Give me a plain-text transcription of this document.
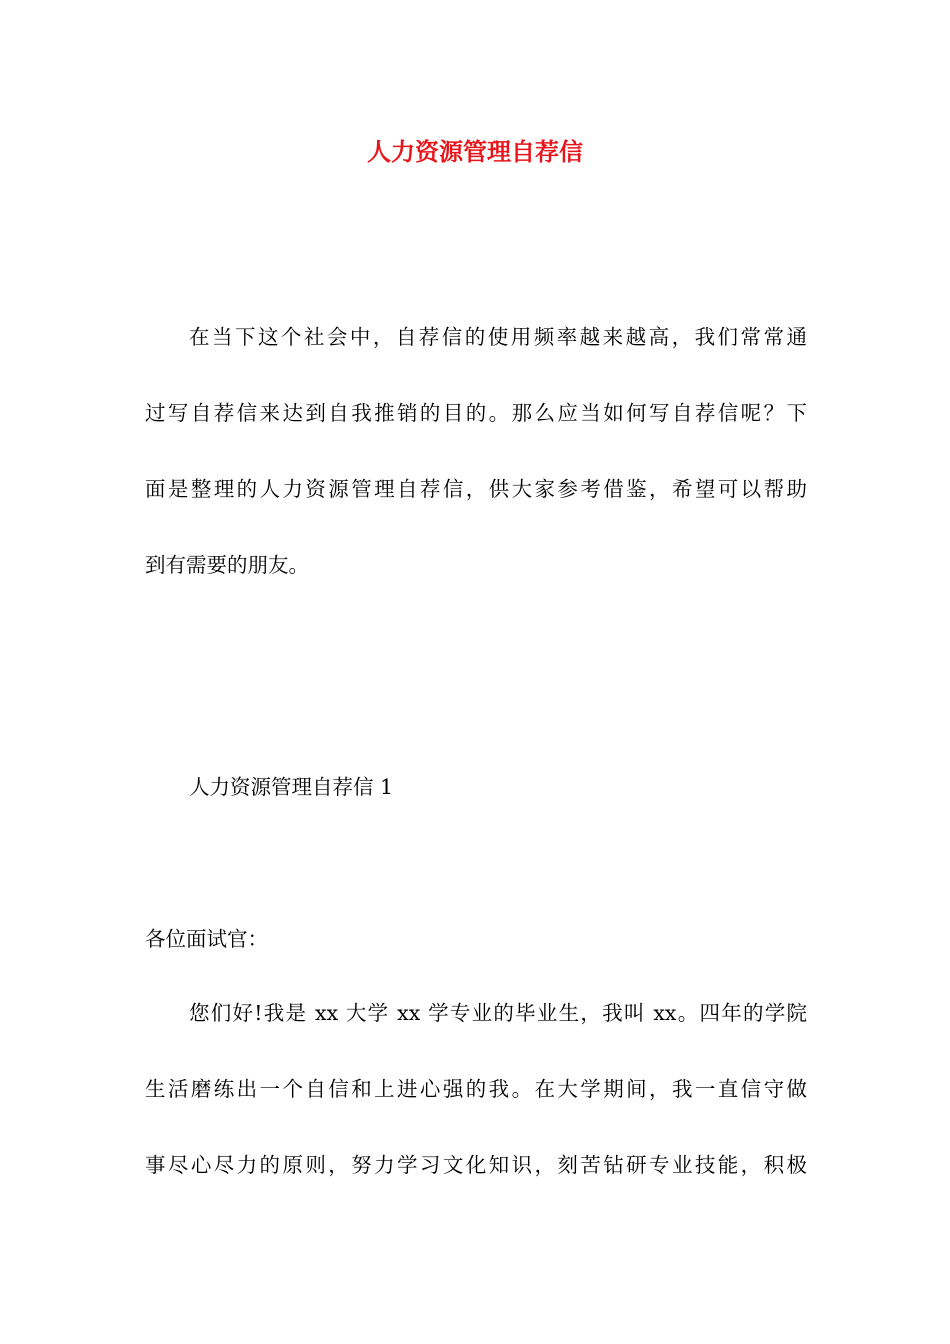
人力资源管理自荐信
在当下这个社会中，自荐信的使用频率越来越高，我们常常通
过写自荐信来达到自我推销的目的。那么应当如何写自荐信呢？下
面是整理的人力资源管理自荐信，供大家参考借鉴，希望可以帮助
到有需要的朋友。
人力资源管理自荐信 1
各位面试官：
您们好!我是 xx 大学 xx 学专业的毕业生，我叫 xx。四年的学院
生活磨练出一个自信和上进心强的我。在大学期间，我一直信守做
事尽心尽力的原则，努力学习文化知识，刻苦钻研专业技能，积极
